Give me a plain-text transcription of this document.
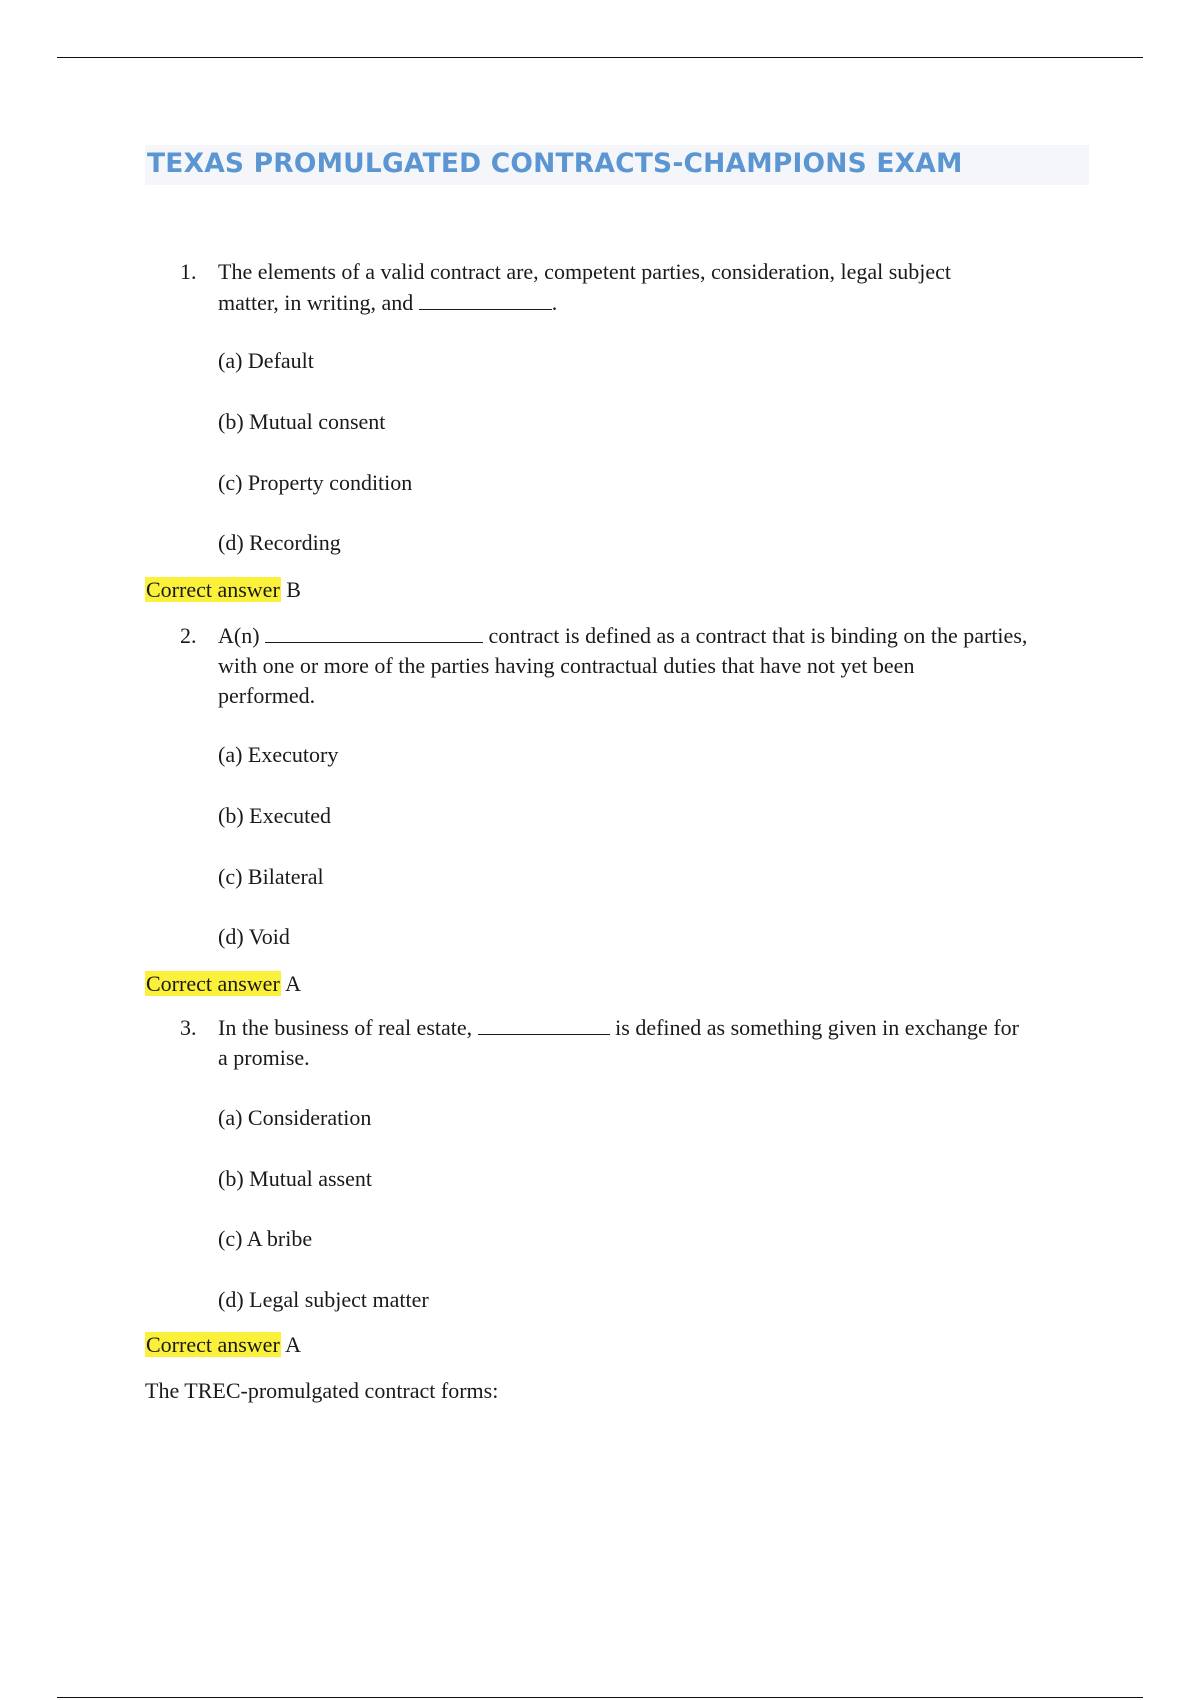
TEXAS PROMULGATED CONTRACTS-CHAMPIONS EXAM
1. The elements of a valid contract are, competent parties, consideration, legal subject
matter, in writing, and	.
(a) Default
(b) Mutual consent
(c) Property condition
(d) Recording
Correct answer B
2. A(n)	contract is defined as a contract that is binding on the parties,
with one or more of the parties having contractual duties that have not yet been
performed.
(a) Executory
(b) Executed
(c) Bilateral
(d) Void
Correct answer A
3. In the business of real estate,	is defined as something given in exchange for
a promise.
(a) Consideration
(b) Mutual assent
(c) A bribe
(d) Legal subject matter
Correct answer A
The TREC-promulgated contract forms:
